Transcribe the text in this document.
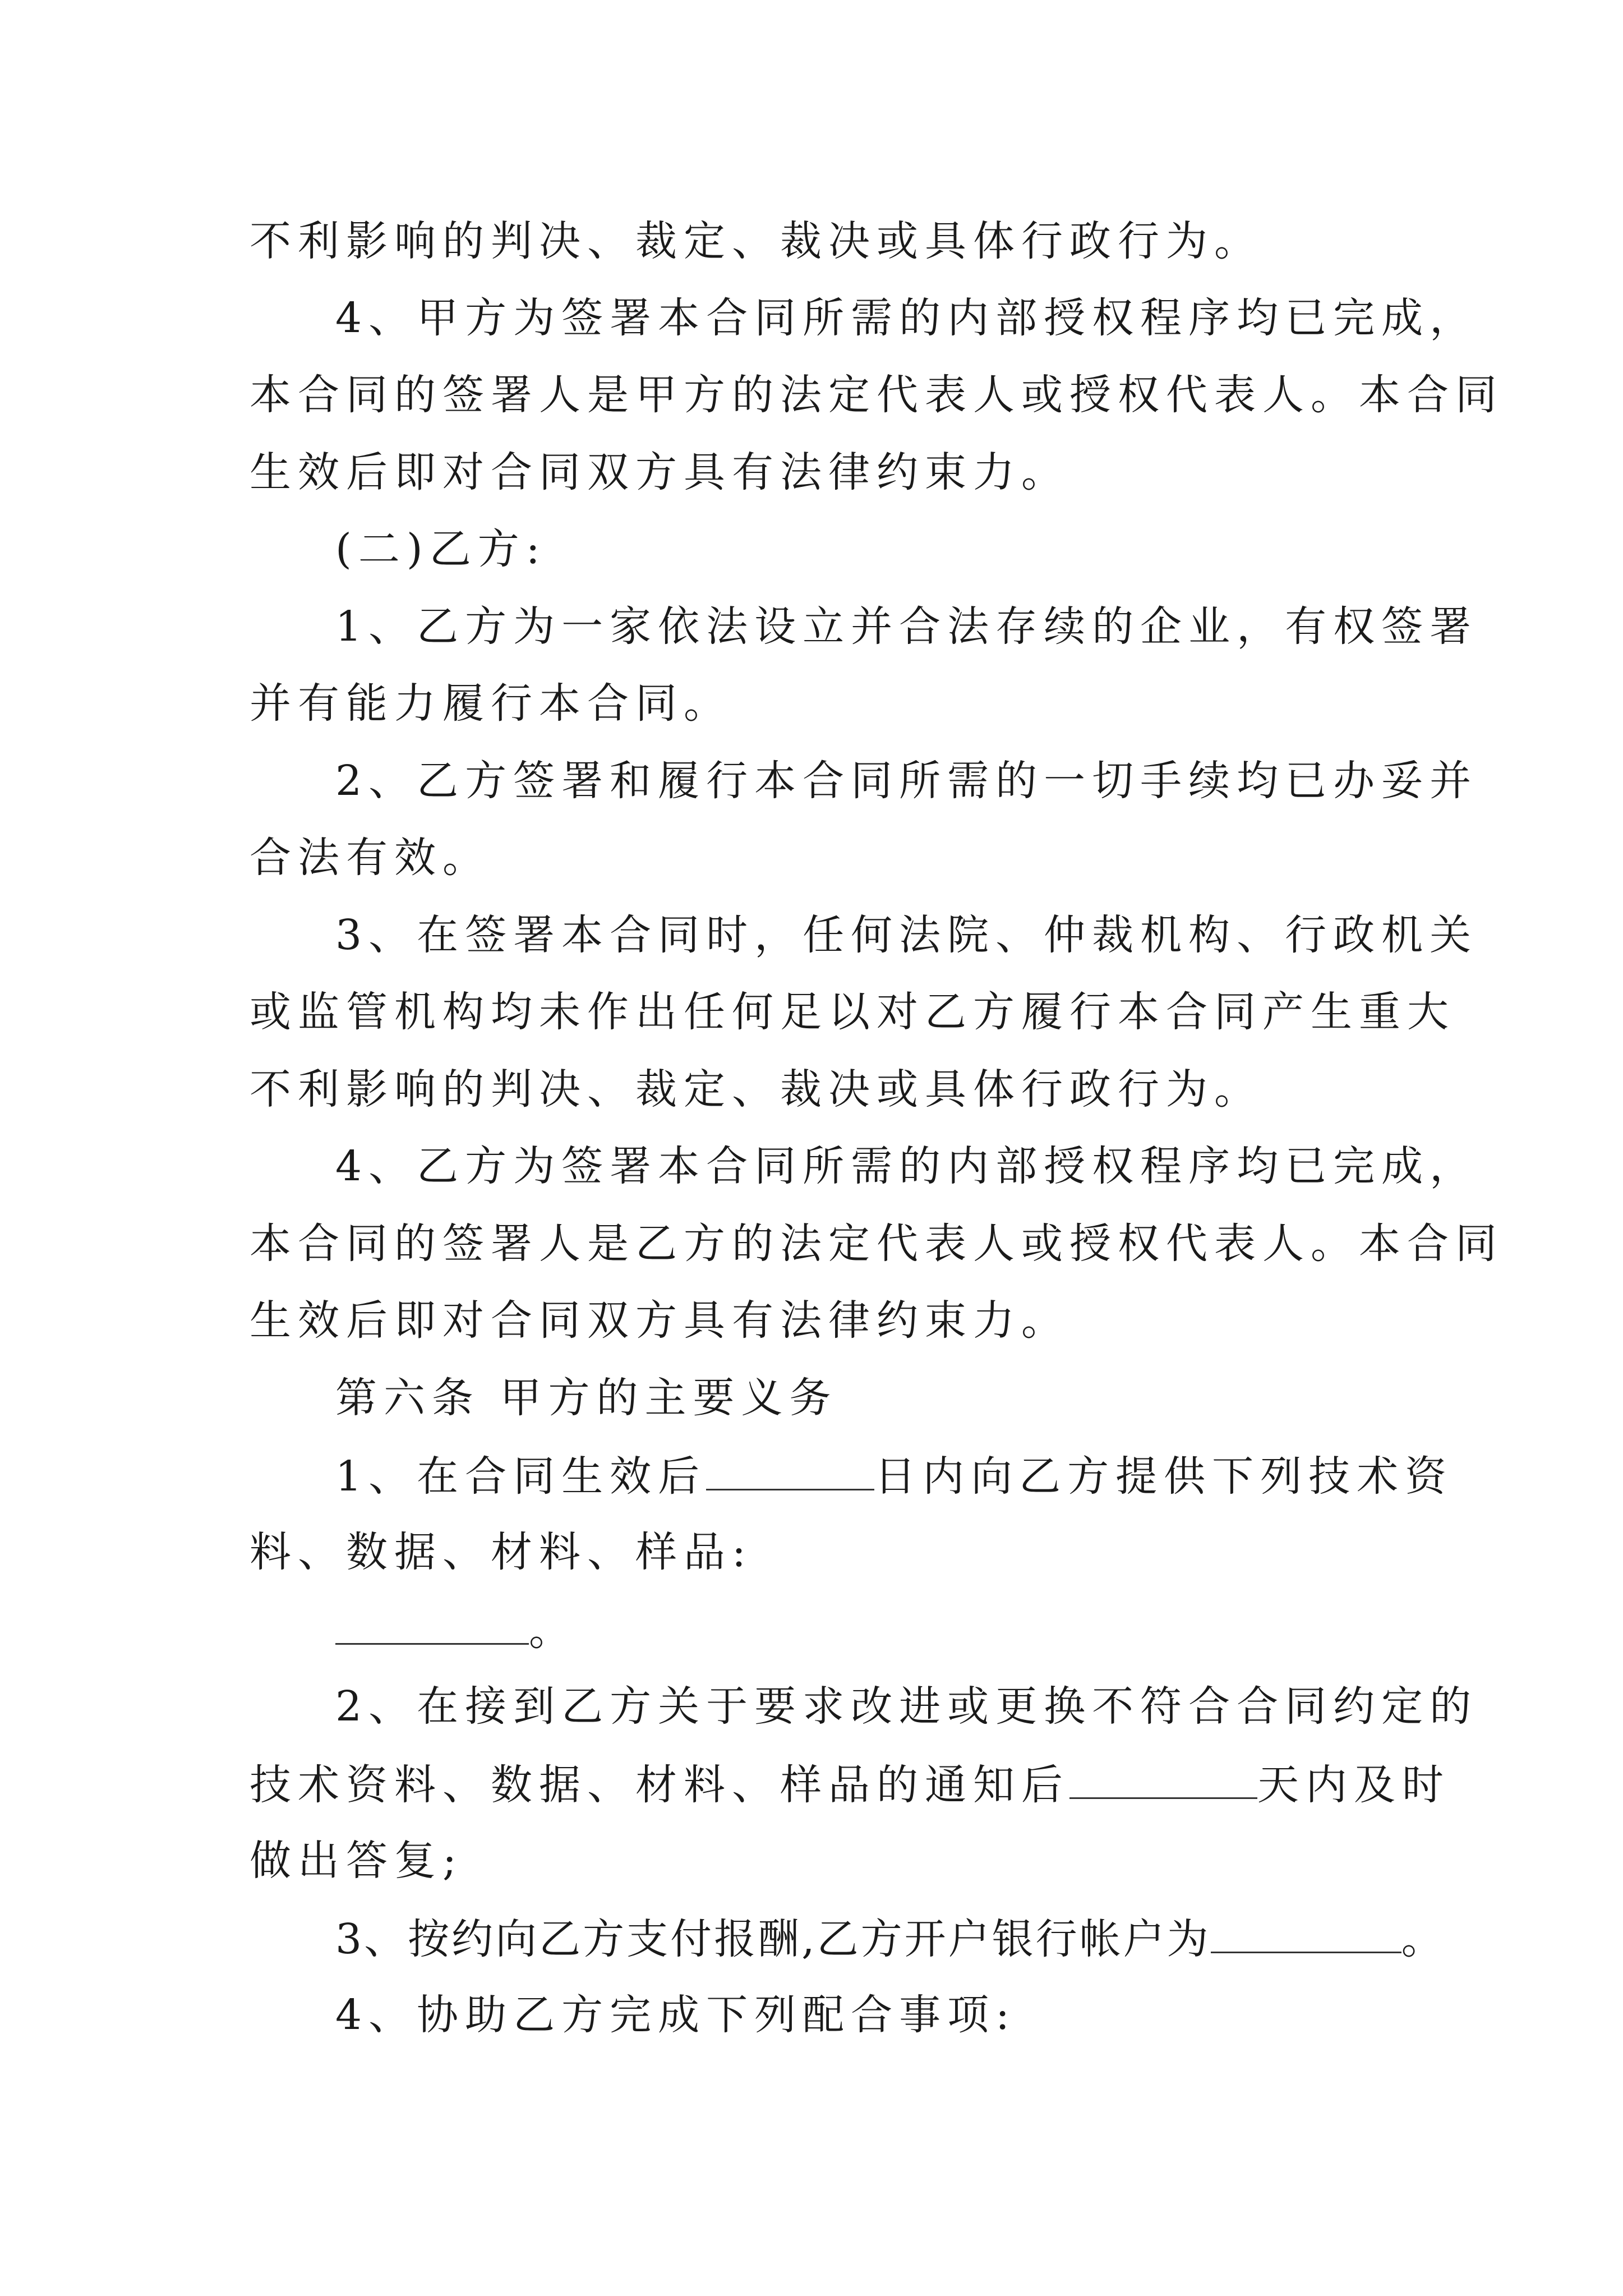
不利影响的判决、裁定、裁决或具体行政行为。
4、甲方为签署本合同所需的内部授权程序均已完成，
本合同的签署人是甲方的法定代表人或授权代表人。本合同
生效后即对合同双方具有法律约束力。
(二)乙方:
1、乙方为一家依法设立并合法存续的企业，有权签署
并有能力履行本合同。
2、乙方签署和履行本合同所需的一切手续均已办妥并
合法有效。
3、在签署本合同时，任何法院、仲裁机构、行政机关
或监管机构均未作出任何足以对乙方履行本合同产生重大
不利影响的判决、裁定、裁决或具体行政行为。
4、乙方为签署本合同所需的内部授权程序均已完成，
本合同的签署人是乙方的法定代表人或授权代表人。本合同
生效后即对合同双方具有法律约束力。
第六条 甲方的主要义务
1、在合同生效后	日内向乙方提供下列技术资
料、数据、材料、样品:
。
2、在接到乙方关于要求改进或更换不符合合同约定的
技术资料、数据、材料、样品的通知后	天内及时
做出答复;
3、按约向乙方支付报酬,乙方开户银行帐户为	。
4、协助乙方完成下列配合事项:
